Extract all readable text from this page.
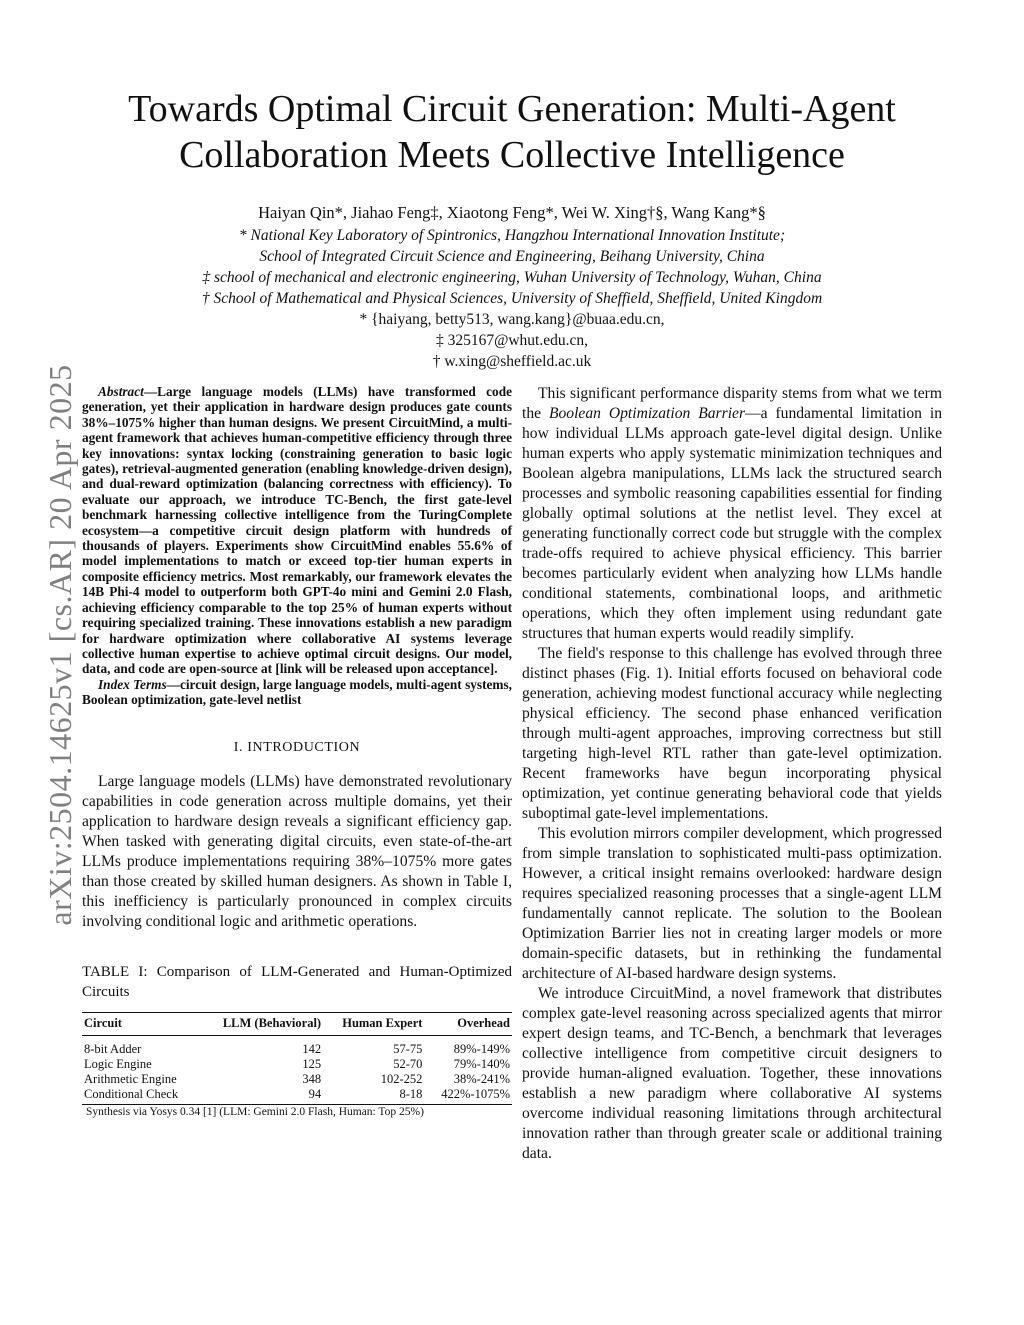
arXiv:2504.14625v1 [cs.AR] 20 Apr 2025
Towards Optimal Circuit Generation: Multi-Agent
Collaboration Meets Collective Intelligence
Haiyan Qin*, Jiahao Feng‡, Xiaotong Feng*, Wei W. Xing†§, Wang Kang*§
* National Key Laboratory of Spintronics, Hangzhou International Innovation Institute;
School of Integrated Circuit Science and Engineering, Beihang University, China
‡ school of mechanical and electronic engineering, Wuhan University of Technology, Wuhan, China
† School of Mathematical and Physical Sciences, University of Sheffield, Sheffield, United Kingdom
* {haiyang, betty513, wang.kang}@buaa.edu.cn,
‡ 325167@whut.edu.cn,
† w.xing@sheffield.ac.uk

Abstract—Large language models (LLMs) have transformed code generation, yet their application in hardware design produces gate counts 38%–1075% higher than human designs. We present CircuitMind, a multi-agent framework that achieves human-competitive efficiency through three key innovations: syntax locking (constraining generation to basic logic gates), retrieval-augmented generation (enabling knowledge-driven design), and dual-reward optimization (balancing correctness with efficiency). To evaluate our approach, we introduce TC-Bench, the first gate-level benchmark harnessing collective intelligence from the TuringComplete ecosystem—a competitive circuit design platform with hundreds of thousands of players. Experiments show CircuitMind enables 55.6% of model implementations to match or exceed top-tier human experts in composite efficiency metrics. Most remarkably, our framework elevates the 14B Phi-4 model to outperform both GPT-4o mini and Gemini 2.0 Flash, achieving efficiency comparable to the top 25% of human experts without requiring specialized training. These innovations establish a new paradigm for hardware optimization where collaborative AI systems leverage collective human expertise to achieve optimal circuit designs. Our model, data, and code are open-source at [link will be released upon acceptance].

Index Terms—circuit design, large language models, multi-agent systems, Boolean optimization, gate-level netlist

I. INTRODUCTION

Large language models (LLMs) have demonstrated revolutionary capabilities in code generation across multiple domains, yet their application to hardware design reveals a significant efficiency gap. When tasked with generating digital circuits, even state-of-the-art LLMs produce implementations requiring 38%–1075% more gates than those created by skilled human designers. As shown in Table I, this inefficiency is particularly pronounced in complex circuits involving conditional logic and arithmetic operations.

TABLE I: Comparison of LLM-Generated and Human-Optimized Circuits
Circuit	LLM (Behavioral)	Human Expert	Overhead
8-bit Adder	142	57-75	89%-149%
Logic Engine	125	52-70	79%-140%
Arithmetic Engine	348	102-252	38%-241%
Conditional Check	94	8-18	422%-1075%
Synthesis via Yosys 0.34 [1] (LLM: Gemini 2.0 Flash, Human: Top 25%)

This significant performance disparity stems from what we term the Boolean Optimization Barrier—a fundamental limitation in how individual LLMs approach gate-level digital design. Unlike human experts who apply systematic minimization techniques and Boolean algebra manipulations, LLMs lack the structured search processes and symbolic reasoning capabilities essential for finding globally optimal solutions at the netlist level. They excel at generating functionally correct code but struggle with the complex trade-offs required to achieve physical efficiency. This barrier becomes particularly evident when analyzing how LLMs handle conditional statements, combinational loops, and arithmetic operations, which they often implement using redundant gate structures that human experts would readily simplify.

The field's response to this challenge has evolved through three distinct phases (Fig. 1). Initial efforts focused on behavioral code generation, achieving modest functional accuracy while neglecting physical efficiency. The second phase enhanced verification through multi-agent approaches, improving correctness but still targeting high-level RTL rather than gate-level optimization. Recent frameworks have begun incorporating physical optimization, yet continue generating behavioral code that yields suboptimal gate-level implementations.

This evolution mirrors compiler development, which progressed from simple translation to sophisticated multi-pass optimization. However, a critical insight remains overlooked: hardware design requires specialized reasoning processes that a single-agent LLM fundamentally cannot replicate. The solution to the Boolean Optimization Barrier lies not in creating larger models or more domain-specific datasets, but in rethinking the fundamental architecture of AI-based hardware design systems.

We introduce CircuitMind, a novel framework that distributes complex gate-level reasoning across specialized agents that mirror expert design teams, and TC-Bench, a benchmark that leverages collective intelligence from competitive circuit designers to provide human-aligned evaluation. Together, these innovations establish a new paradigm where collaborative AI systems overcome individual reasoning limitations through architectural innovation rather than through greater scale or additional training data.
